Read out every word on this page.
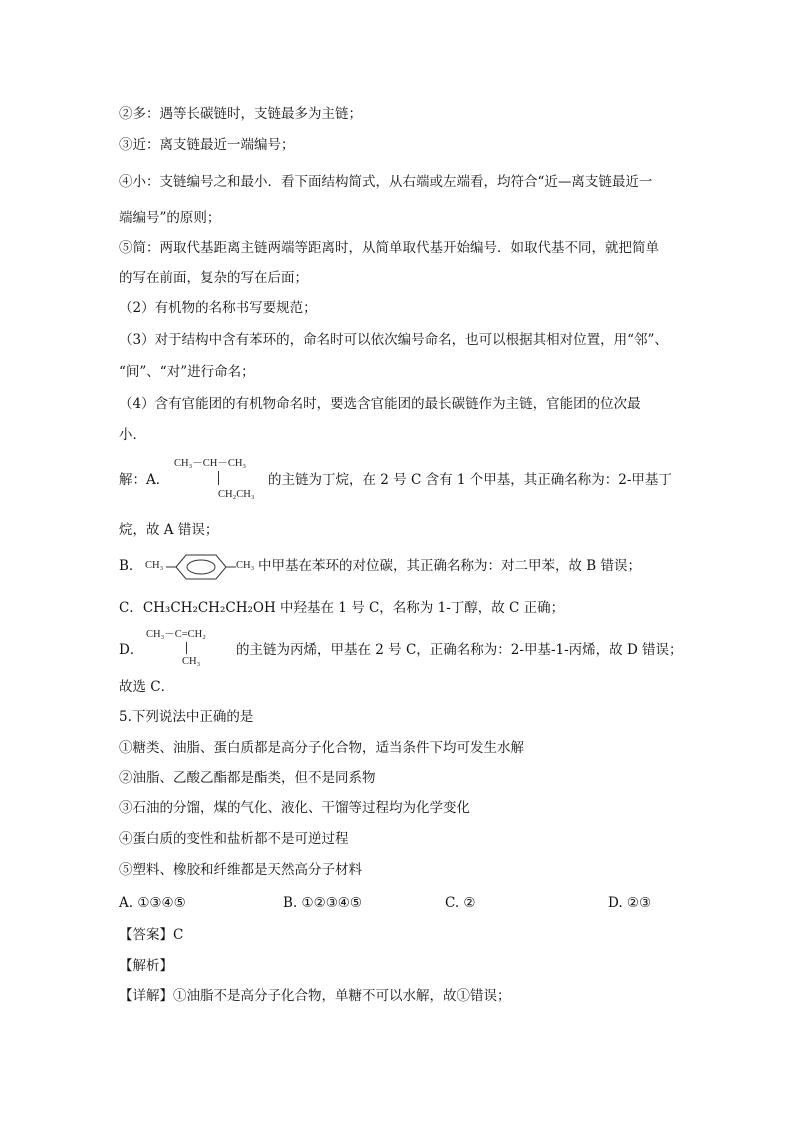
②多：遇等长碳链时，支链最多为主链；
③近：离支链最近一端编号；
④小：支链编号之和最小．看下面结构简式，从右端或左端看，均符合“近—离支链最近一
端编号”的原则；
⑤简：两取代基距离主链两端等距离时，从简单取代基开始编号．如取代基不同，就把简单
的写在前面，复杂的写在后面；
（2）有机物的名称书写要规范；
（3）对于结构中含有苯环的，命名时可以依次编号命名，也可以根据其相对位置，用“邻”、
“间”、“对”进行命名；
（4）含有官能团的有机物命名时，要选含官能团的最长碳链作为主链，官能团的位次最
小．
解：A．
CH₃－CH－CH₃
CH₂CH₃
的主链为丁烷，在 2 号 C 含有 1 个甲基，其正确名称为：2-甲基丁
烷，故 A 错误；
B． CH₃	CH₃ 中甲基在苯环的对位碳，其正确名称为：对二甲苯，故 B 错误；
C．CH₃CH₂CH₂CH₂OH 中羟基在 1 号 C，名称为 1-丁醇，故 C 正确；
D．
CH₃－C=CH₂
CH₃
的主链为丙烯，甲基在 2 号 C，正确名称为：2-甲基-1-丙烯，故 D 错误；
故选 C．
5.下列说法中正确的是
①糖类、油脂、蛋白质都是高分子化合物，适当条件下均可发生水解
②油脂、乙酸乙酯都是酯类，但不是同系物
③石油的分馏，煤的气化、液化、干馏等过程均为化学变化
④蛋白质的变性和盐析都不是可逆过程
⑤塑料、橡胶和纤维都是天然高分子材料
A. ①③④⑤	B. ①②③④⑤	C. ②	D. ②③
【答案】C
【解析】
【详解】①油脂不是高分子化合物，单糖不可以水解，故①错误；
